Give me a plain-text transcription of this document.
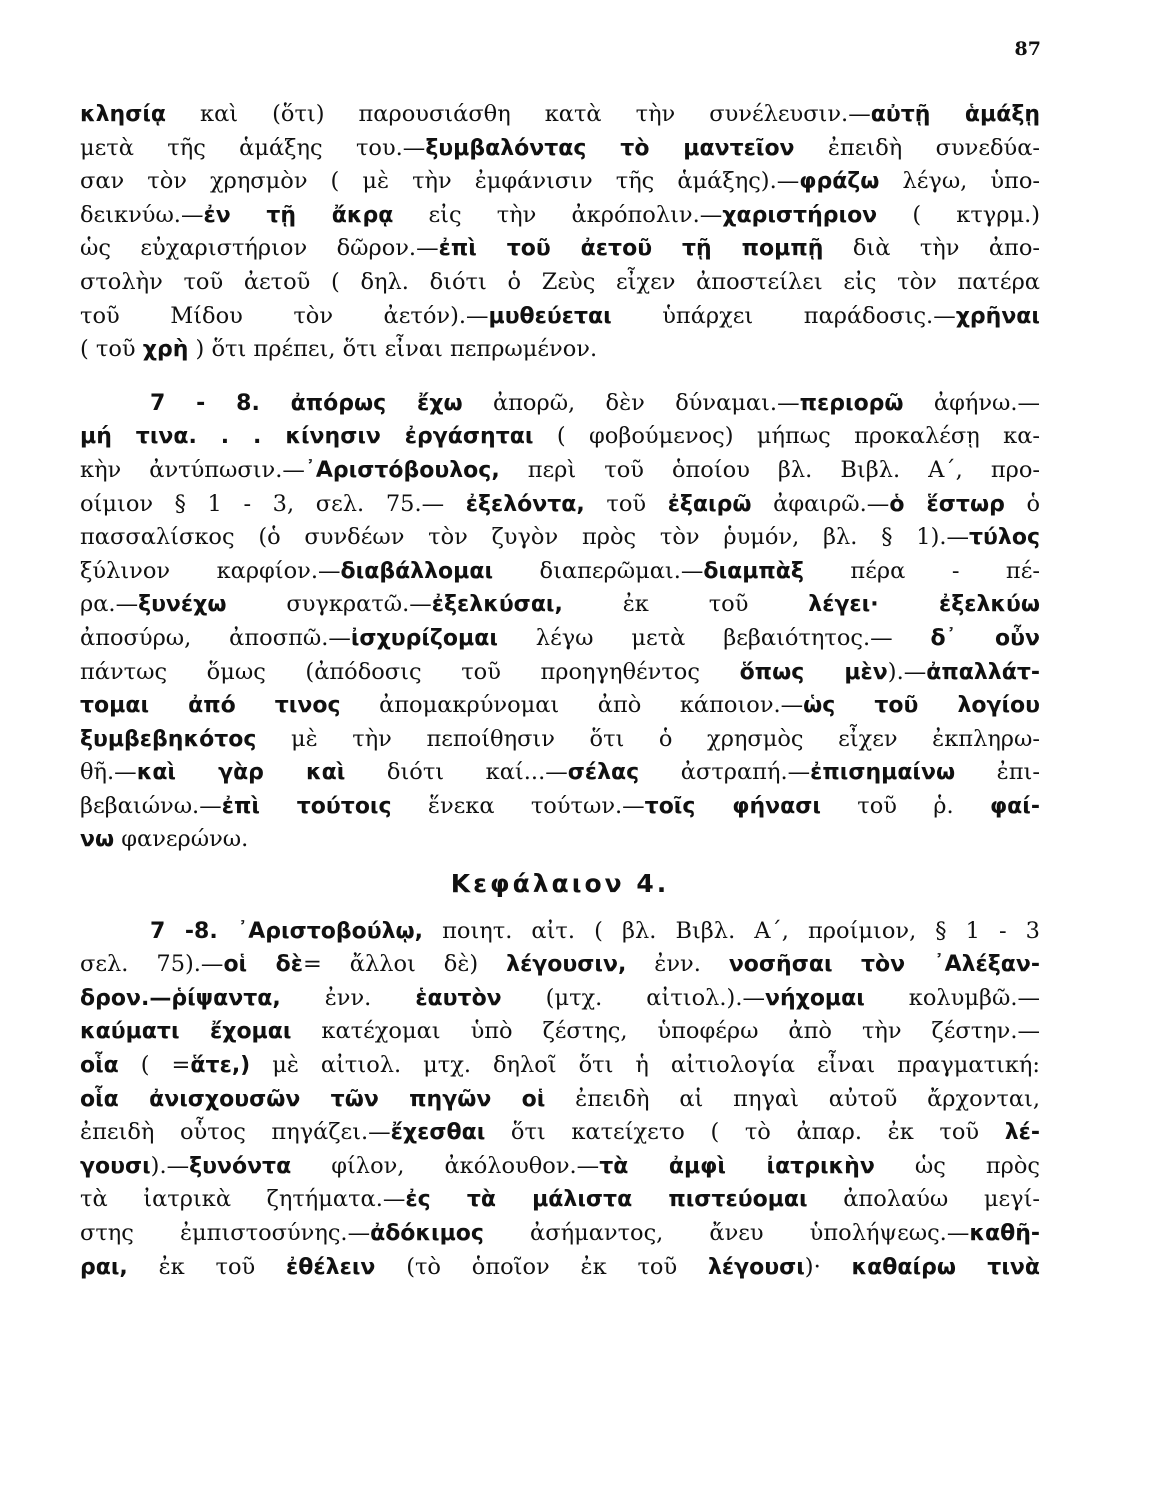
87
κλησίᾳ καὶ (ὅτι) παρουσιάσθη κατὰ τὴν συνέλευσιν.—αὐτῇ ἁμάξῃ
μετὰ τῆς ἁμάξης του.—ξυμβαλόντας τὸ μαντεῖον ἐπειδὴ συνεδύα-
σαν τὸν χρησμὸν ( μὲ τὴν ἐμφάνισιν τῆς ἁμάξης).—φράζω λέγω, ὑπο-
δεικνύω.—ἐν τῇ ἄκρᾳ εἰς τὴν ἀκρόπολιν.—χαριστήριον ( κτγρμ.)
ὡς εὐχαριστήριον δῶρον.—ἐπὶ τοῦ ἀετοῦ τῇ πομπῇ διὰ τὴν ἀπο-
στολὴν τοῦ ἀετοῦ ( δηλ. διότι ὁ Ζεὺς εἶχεν ἀποστείλει εἰς τὸν πατέρα
τοῦ Μίδου τὸν ἀετόν).—μυθεύεται ὑπάρχει παράδοσις.—χρῆναι
( τοῦ χρὴ ) ὅτι πρέπει, ὅτι εἶναι πεπρωμένον.
7 - 8. ἀπόρως ἔχω ἀπορῶ, δὲν δύναμαι.—περιορῶ ἀφήνω.—
μή τινα. . . κίνησιν ἐργάσηται ( φοβούμενος) μήπως προκαλέσῃ κα-
κὴν ἀντύπωσιν.—᾿Αριστόβουλος, περὶ τοῦ ὁποίου βλ. Βιβλ. Α΄, προ-
οίμιον § 1 - 3, σελ. 75.— ἐξελόντα, τοῦ ἐξαιρῶ ἀφαιρῶ.—ὁ ἕστωρ ὁ
πασσαλίσκος (ὁ συνδέων τὸν ζυγὸν πρὸς τὸν ῥυμόν, βλ. § 1).—τύλος
ξύλινον καρφίον.—διαβάλλομαι διαπερῶμαι.—διαμπὰξ πέρα - πέ-
ρα.—ξυνέχω συγκρατῶ.—ἐξελκύσαι, ἐκ τοῦ λέγει· ἐξελκύω
ἀποσύρω, ἀποσπῶ.—ἰσχυρίζομαι λέγω μετὰ βεβαιότητος.— δ᾿ οὖν
πάντως ὅμως (ἀπόδοσις τοῦ προηγηθέντος ὅπως μὲν).—ἀπαλλάτ-
τομαι ἀπό τινος ἀπομακρύνομαι ἀπὸ κάποιον.—ὡς τοῦ λογίου
ξυμβεβηκότος μὲ τὴν πεποίθησιν ὅτι ὁ χρησμὸς εἶχεν ἐκπληρω-
θῆ.—καὶ γὰρ καὶ διότι καί...—σέλας ἀστραπή.—ἐπισημαίνω ἐπι-
βεβαιώνω.—ἐπὶ τούτοις ἕνεκα τούτων.—τοῖς φήνασι τοῦ ῥ. φαί-
νω φανερώνω.
Κεφάλαιον 4.
7 -8. ᾿Αριστοβούλῳ, ποιητ. αἰτ. ( βλ. Βιβλ. Α΄, προίμιον, § 1 - 3
σελ. 75).—οἱ δὲ= ἄλλοι δὲ) λέγουσιν, ἐνν. νοσῆσαι τὸν ᾿Αλέξαν-
δρον.—ῥίψαντα, ἐνν. ἑαυτὸν (μτχ. αἰτιολ.).—νήχομαι κολυμβῶ.—
καύματι ἔχομαι κατέχομαι ὑπὸ ζέστης, ὑποφέρω ἀπὸ τὴν ζέστην.—
οἷα ( =ἅτε,) μὲ αἰτιολ. μτχ. δηλοῖ ὅτι ἡ αἰτιολογία εἶναι πραγματική:
οἷα ἀνισχουσῶν τῶν πηγῶν οἱ ἐπειδὴ αἱ πηγαὶ αὐτοῦ ἄρχονται,
ἐπειδὴ οὗτος πηγάζει.—ἔχεσθαι ὅτι κατείχετο ( τὸ ἀπαρ. ἐκ τοῦ λέ-
γουσι).—ξυνόντα φίλον, ἀκόλουθον.—τὰ ἀμφὶ ἰατρικὴν ὡς πρὸς
τὰ ἰατρικὰ ζητήματα.—ἐς τὰ μάλιστα πιστεύομαι ἀπολαύω μεγί-
στης ἐμπιστοσύνης.—ἀδόκιμος ἀσήμαντος, ἄνευ ὑπολήψεως.—καθῆ-
ραι, ἐκ τοῦ ἐθέλειν (τὸ ὁποῖον ἐκ τοῦ λέγουσι)· καθαίρω τινὰ
